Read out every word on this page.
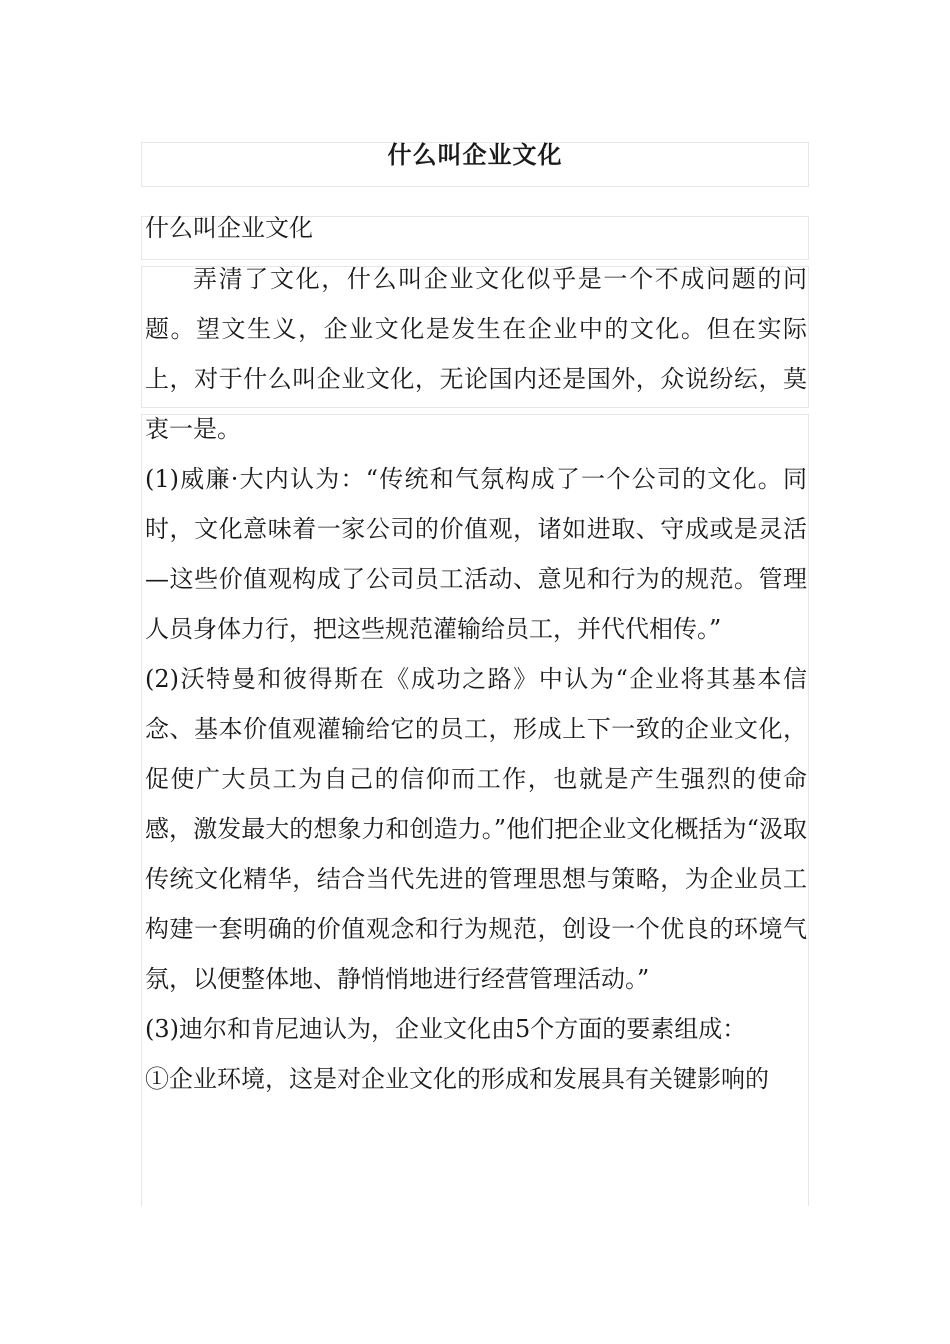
什么叫企业文化
什么叫企业文化

弄清了文化，什么叫企业文化似乎是一个不成问题的问题。望文生义，企业文化是发生在企业中的文化。但在实际上，对于什么叫企业文化，无论国内还是国外，众说纷纭，莫衷一是。

(1)威廉·大内认为：“传统和气氛构成了一个公司的文化。同时，文化意味着一家公司的价值观，诸如进取、守成或是灵活—这些价值观构成了公司员工活动、意见和行为的规范。管理人员身体力行，把这些规范灌输给员工，并代代相传。”

(2)沃特曼和彼得斯在《成功之路》中认为“企业将其基本信念、基本价值观灌输给它的员工，形成上下一致的企业文化，促使广大员工为自己的信仰而工作，也就是产生强烈的使命感，激发最大的想象力和创造力。”他们把企业文化概括为“汲取传统文化精华，结合当代先进的管理思想与策略，为企业员工构建一套明确的价值观念和行为规范，创设一个优良的环境气氛，以便整体地、静悄悄地进行经营管理活动。”

(3)迪尔和肯尼迪认为，企业文化由5个方面的要素组成：

①企业环境，这是对企业文化的形成和发展具有关键影响的
